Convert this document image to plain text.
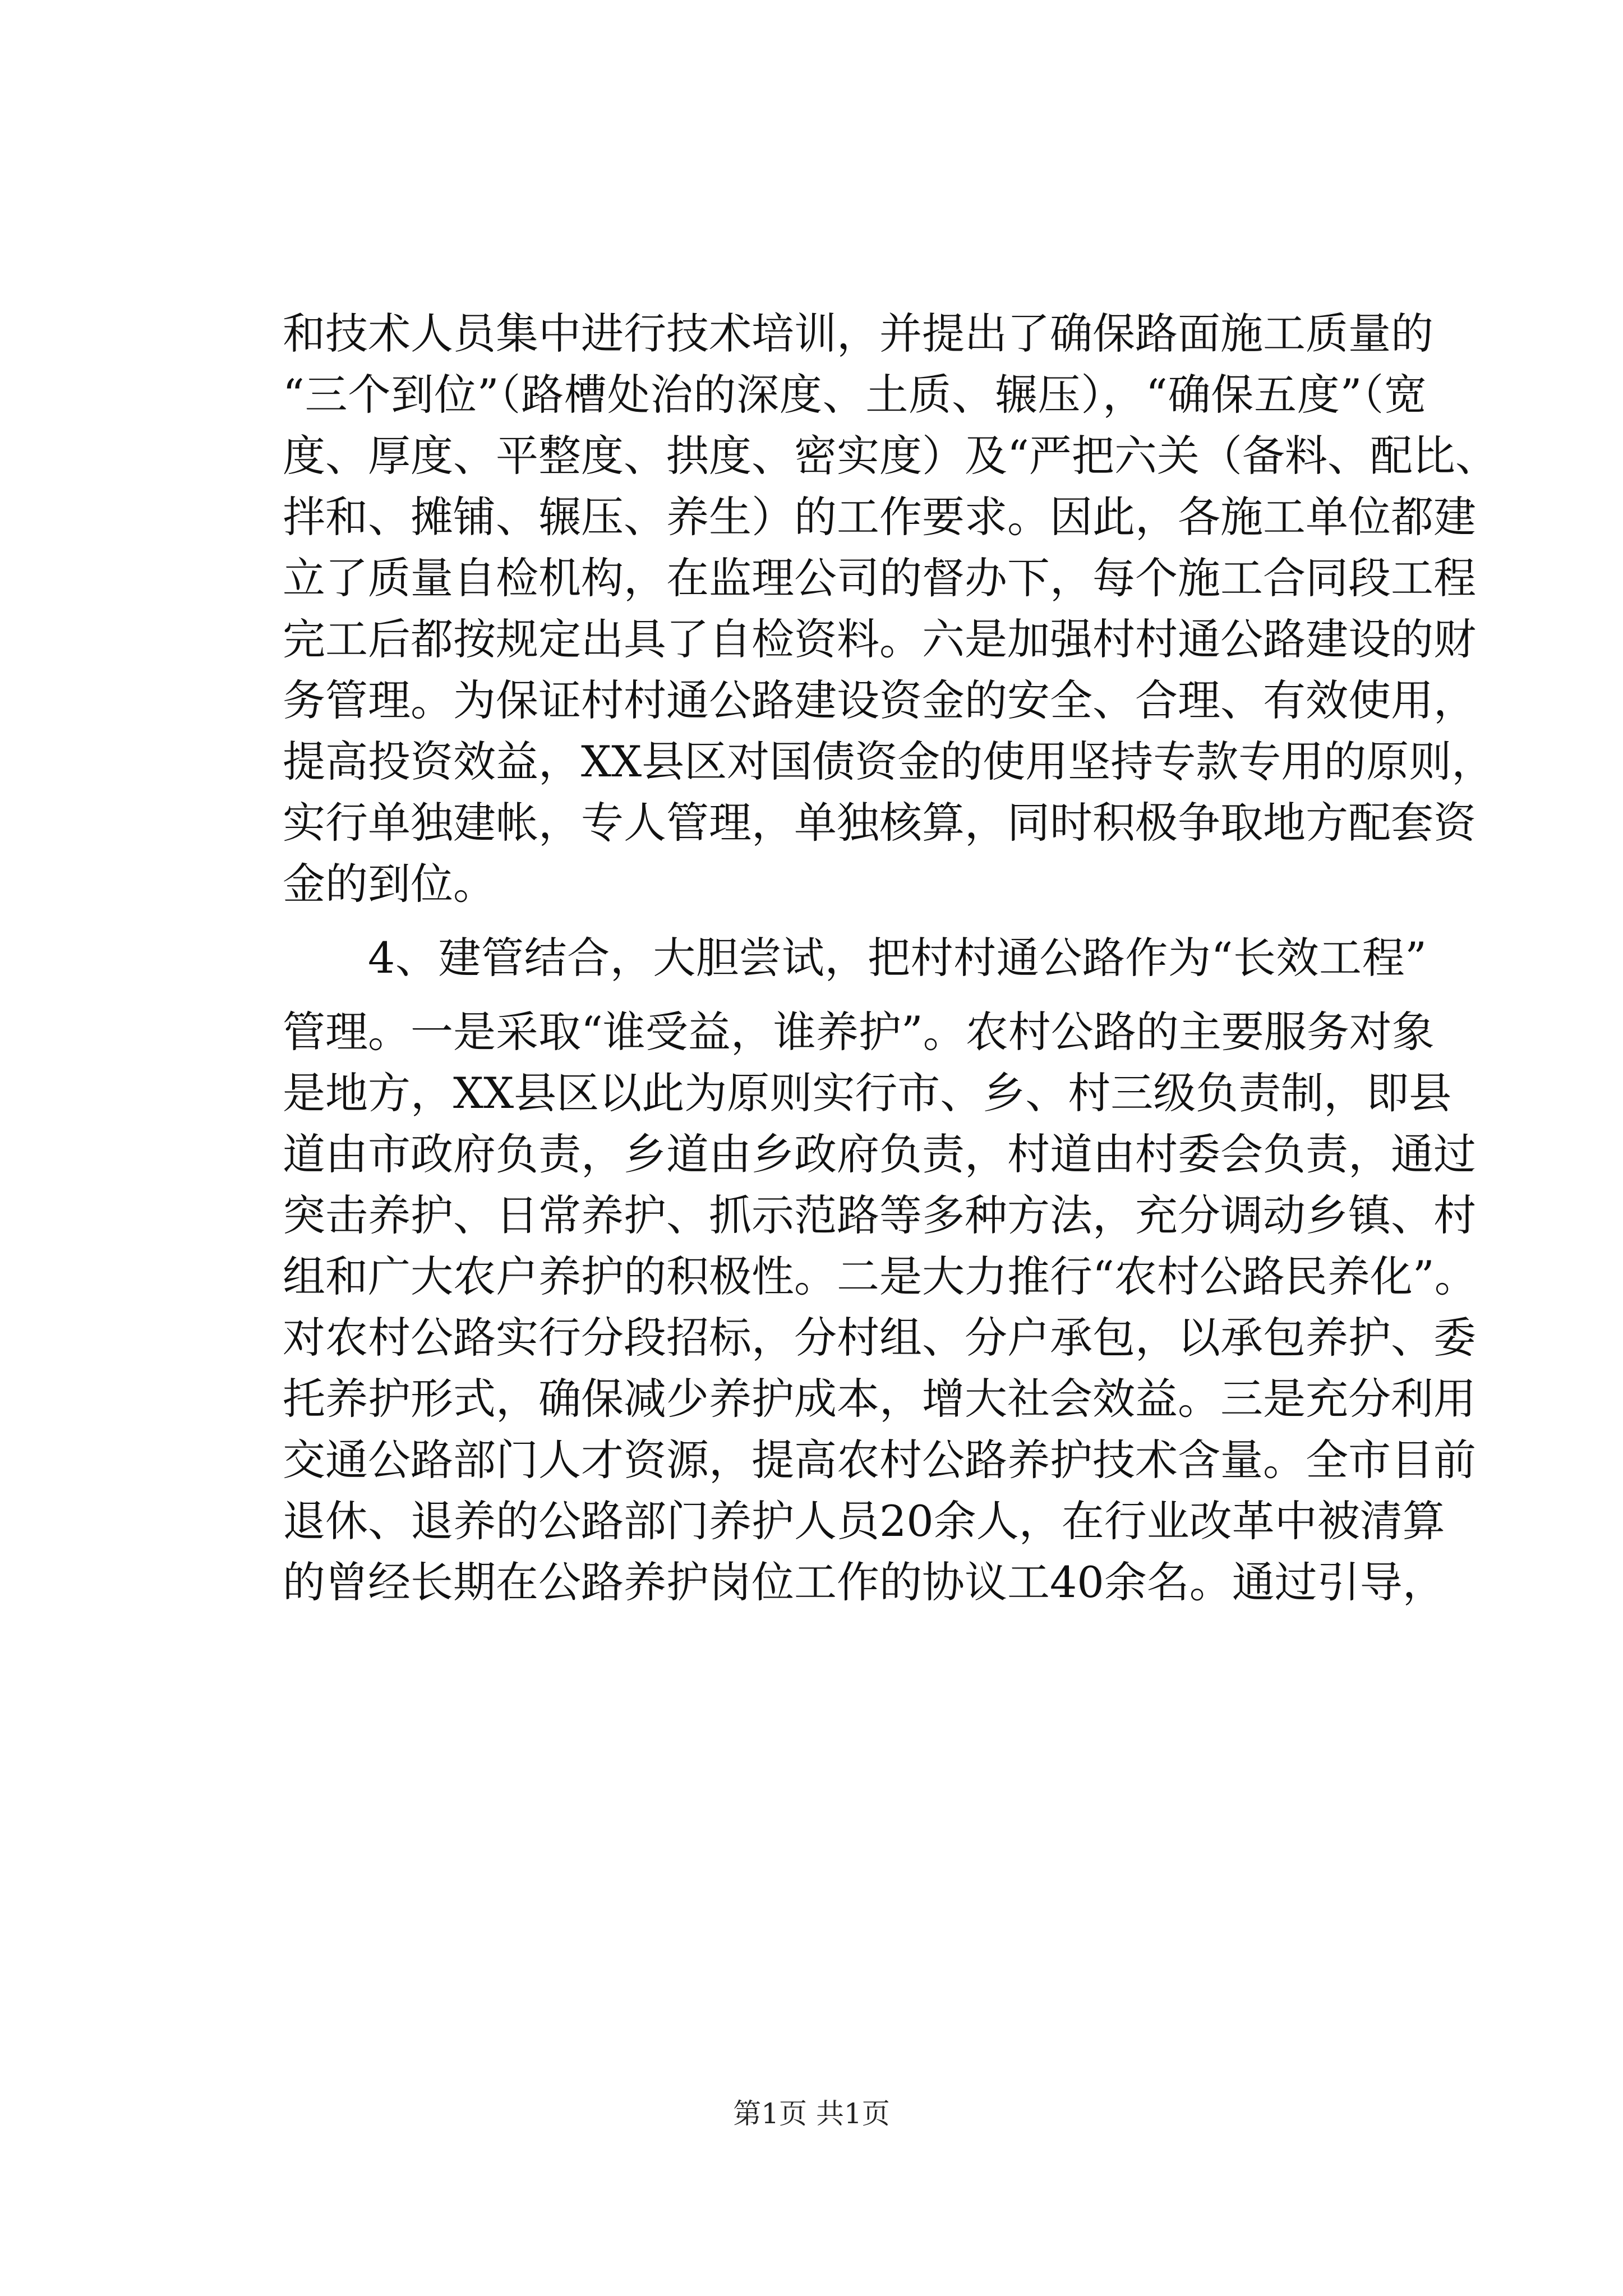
和技术人员集中进行技术培训，并提出了确保路面施工质量的
“三个到位”（路槽处治的深度、土质、辗压），“确保五度”（宽
度、厚度、平整度、拱度、密实度）及“严把六关（备料、配比、
拌和、摊铺、辗压、养生）的工作要求。因此，各施工单位都建
立了质量自检机构，在监理公司的督办下，每个施工合同段工程
完工后都按规定出具了自检资料。六是加强村村通公路建设的财
务管理。为保证村村通公路建设资金的安全、合理、有效使用，
提高投资效益，XX县区对国债资金的使用坚持专款专用的原则，
实行单独建帐，专人管理，单独核算，同时积极争取地方配套资
金的到位。
4、建管结合，大胆尝试，把村村通公路作为“长效工程”
管理。一是采取“谁受益，谁养护”。农村公路的主要服务对象
是地方，XX县区以此为原则实行市、乡、村三级负责制，即县
道由市政府负责，乡道由乡政府负责，村道由村委会负责，通过
突击养护、日常养护、抓示范路等多种方法，充分调动乡镇、村
组和广大农户养护的积极性。二是大力推行“农村公路民养化”。
对农村公路实行分段招标，分村组、分户承包，以承包养护、委
托养护形式，确保减少养护成本，增大社会效益。三是充分利用
交通公路部门人才资源，提高农村公路养护技术含量。全市目前
退休、退养的公路部门养护人员20余人，在行业改革中被清算
的曾经长期在公路养护岗位工作的协议工40余名。通过引导，
第1页 共1页
